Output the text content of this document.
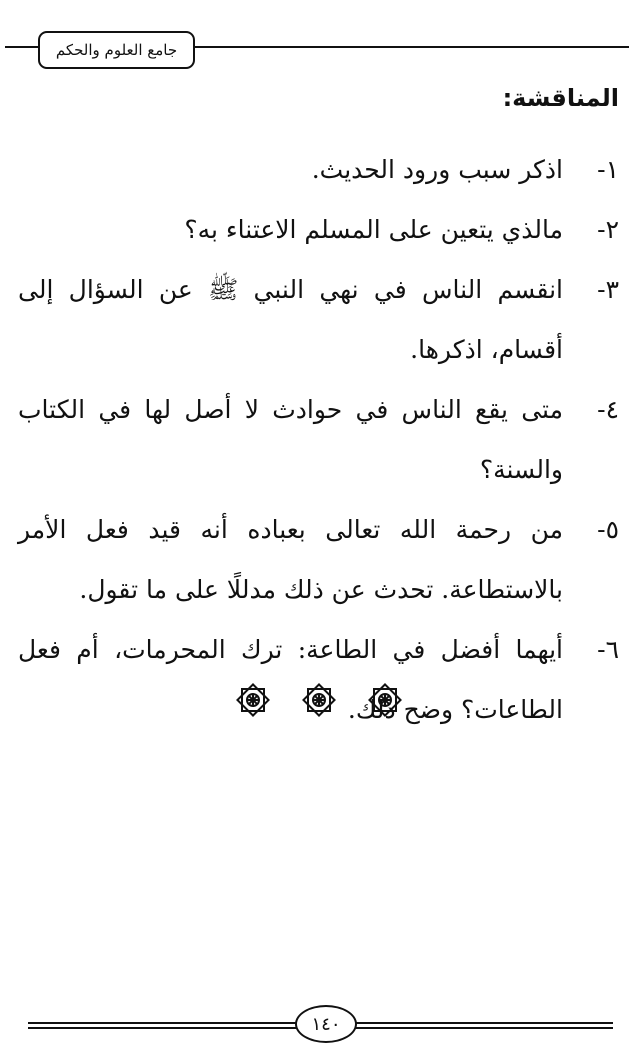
جامع العلوم والحكم
المناقشة:
١-
اذكر سبب ورود الحديث.
٢-
مالذي يتعين على المسلم الاعتناء به؟
٣-
انقسم الناس في نهي النبي ﷺ عن السؤال إلى أقسام، اذكرها.
٤-
متى يقع الناس في حوادث لا أصل لها في الكتاب والسنة؟
٥-
من رحمة الله تعالى بعباده أنه قيد فعل الأمر بالاستطاعة. تحدث عن ذلك مدللًا على ما تقول.
٦-
أيهما أفضل في الطاعة: ترك المحرمات، أم فعل الطاعات؟ وضح ذلك.
١٤٠
